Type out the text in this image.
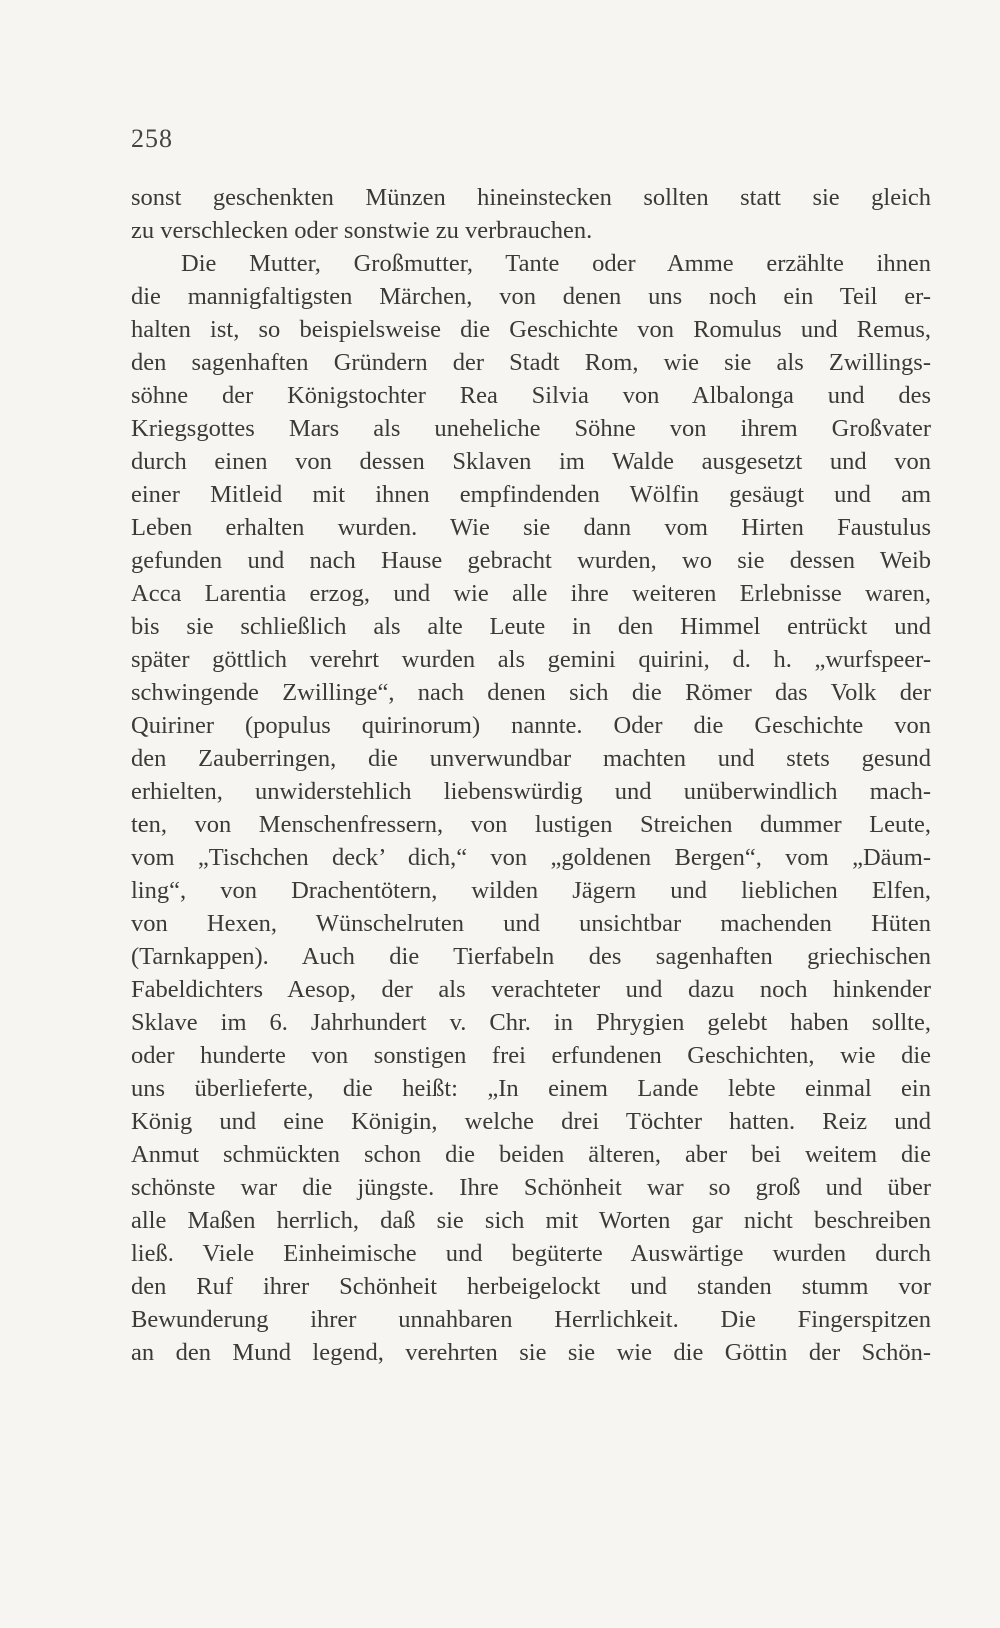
258
sonst geschenkten Münzen hineinstecken sollten statt sie gleich
zu verschlecken oder sonstwie zu verbrauchen.
Die Mutter, Großmutter, Tante oder Amme erzählte ihnen
die mannigfaltigsten Märchen, von denen uns noch ein Teil er-
halten ist, so beispielsweise die Geschichte von Romulus und Remus,
den sagenhaften Gründern der Stadt Rom, wie sie als Zwillings-
söhne der Königstochter Rea Silvia von Albalonga und des
Kriegsgottes Mars als uneheliche Söhne von ihrem Großvater
durch einen von dessen Sklaven im Walde ausgesetzt und von
einer Mitleid mit ihnen empfindenden Wölfin gesäugt und am
Leben erhalten wurden. Wie sie dann vom Hirten Faustulus
gefunden und nach Hause gebracht wurden, wo sie dessen Weib
Acca Larentia erzog, und wie alle ihre weiteren Erlebnisse waren,
bis sie schließlich als alte Leute in den Himmel entrückt und
später göttlich verehrt wurden als gemini quirini, d. h. „wurfspeer-
schwingende Zwillinge“, nach denen sich die Römer das Volk der
Quiriner (populus quirinorum) nannte. Oder die Geschichte von
den Zauberringen, die unverwundbar machten und stets gesund
erhielten, unwiderstehlich liebenswürdig und unüberwindlich mach-
ten, von Menschenfressern, von lustigen Streichen dummer Leute,
vom „Tischchen deck’ dich,“ von „goldenen Bergen“, vom „Däum-
ling“, von Drachentötern, wilden Jägern und lieblichen Elfen,
von Hexen, Wünschelruten und unsichtbar machenden Hüten
(Tarnkappen). Auch die Tierfabeln des sagenhaften griechischen
Fabeldichters Aesop, der als verachteter und dazu noch hinkender
Sklave im 6. Jahrhundert v. Chr. in Phrygien gelebt haben sollte,
oder hunderte von sonstigen frei erfundenen Geschichten, wie die
uns überlieferte, die heißt: „In einem Lande lebte einmal ein
König und eine Königin, welche drei Töchter hatten. Reiz und
Anmut schmückten schon die beiden älteren, aber bei weitem die
schönste war die jüngste. Ihre Schönheit war so groß und über
alle Maßen herrlich, daß sie sich mit Worten gar nicht beschreiben
ließ. Viele Einheimische und begüterte Auswärtige wurden durch
den Ruf ihrer Schönheit herbeigelockt und standen stumm vor
Bewunderung ihrer unnahbaren Herrlichkeit. Die Fingerspitzen
an den Mund legend, verehrten sie sie wie die Göttin der Schön-
